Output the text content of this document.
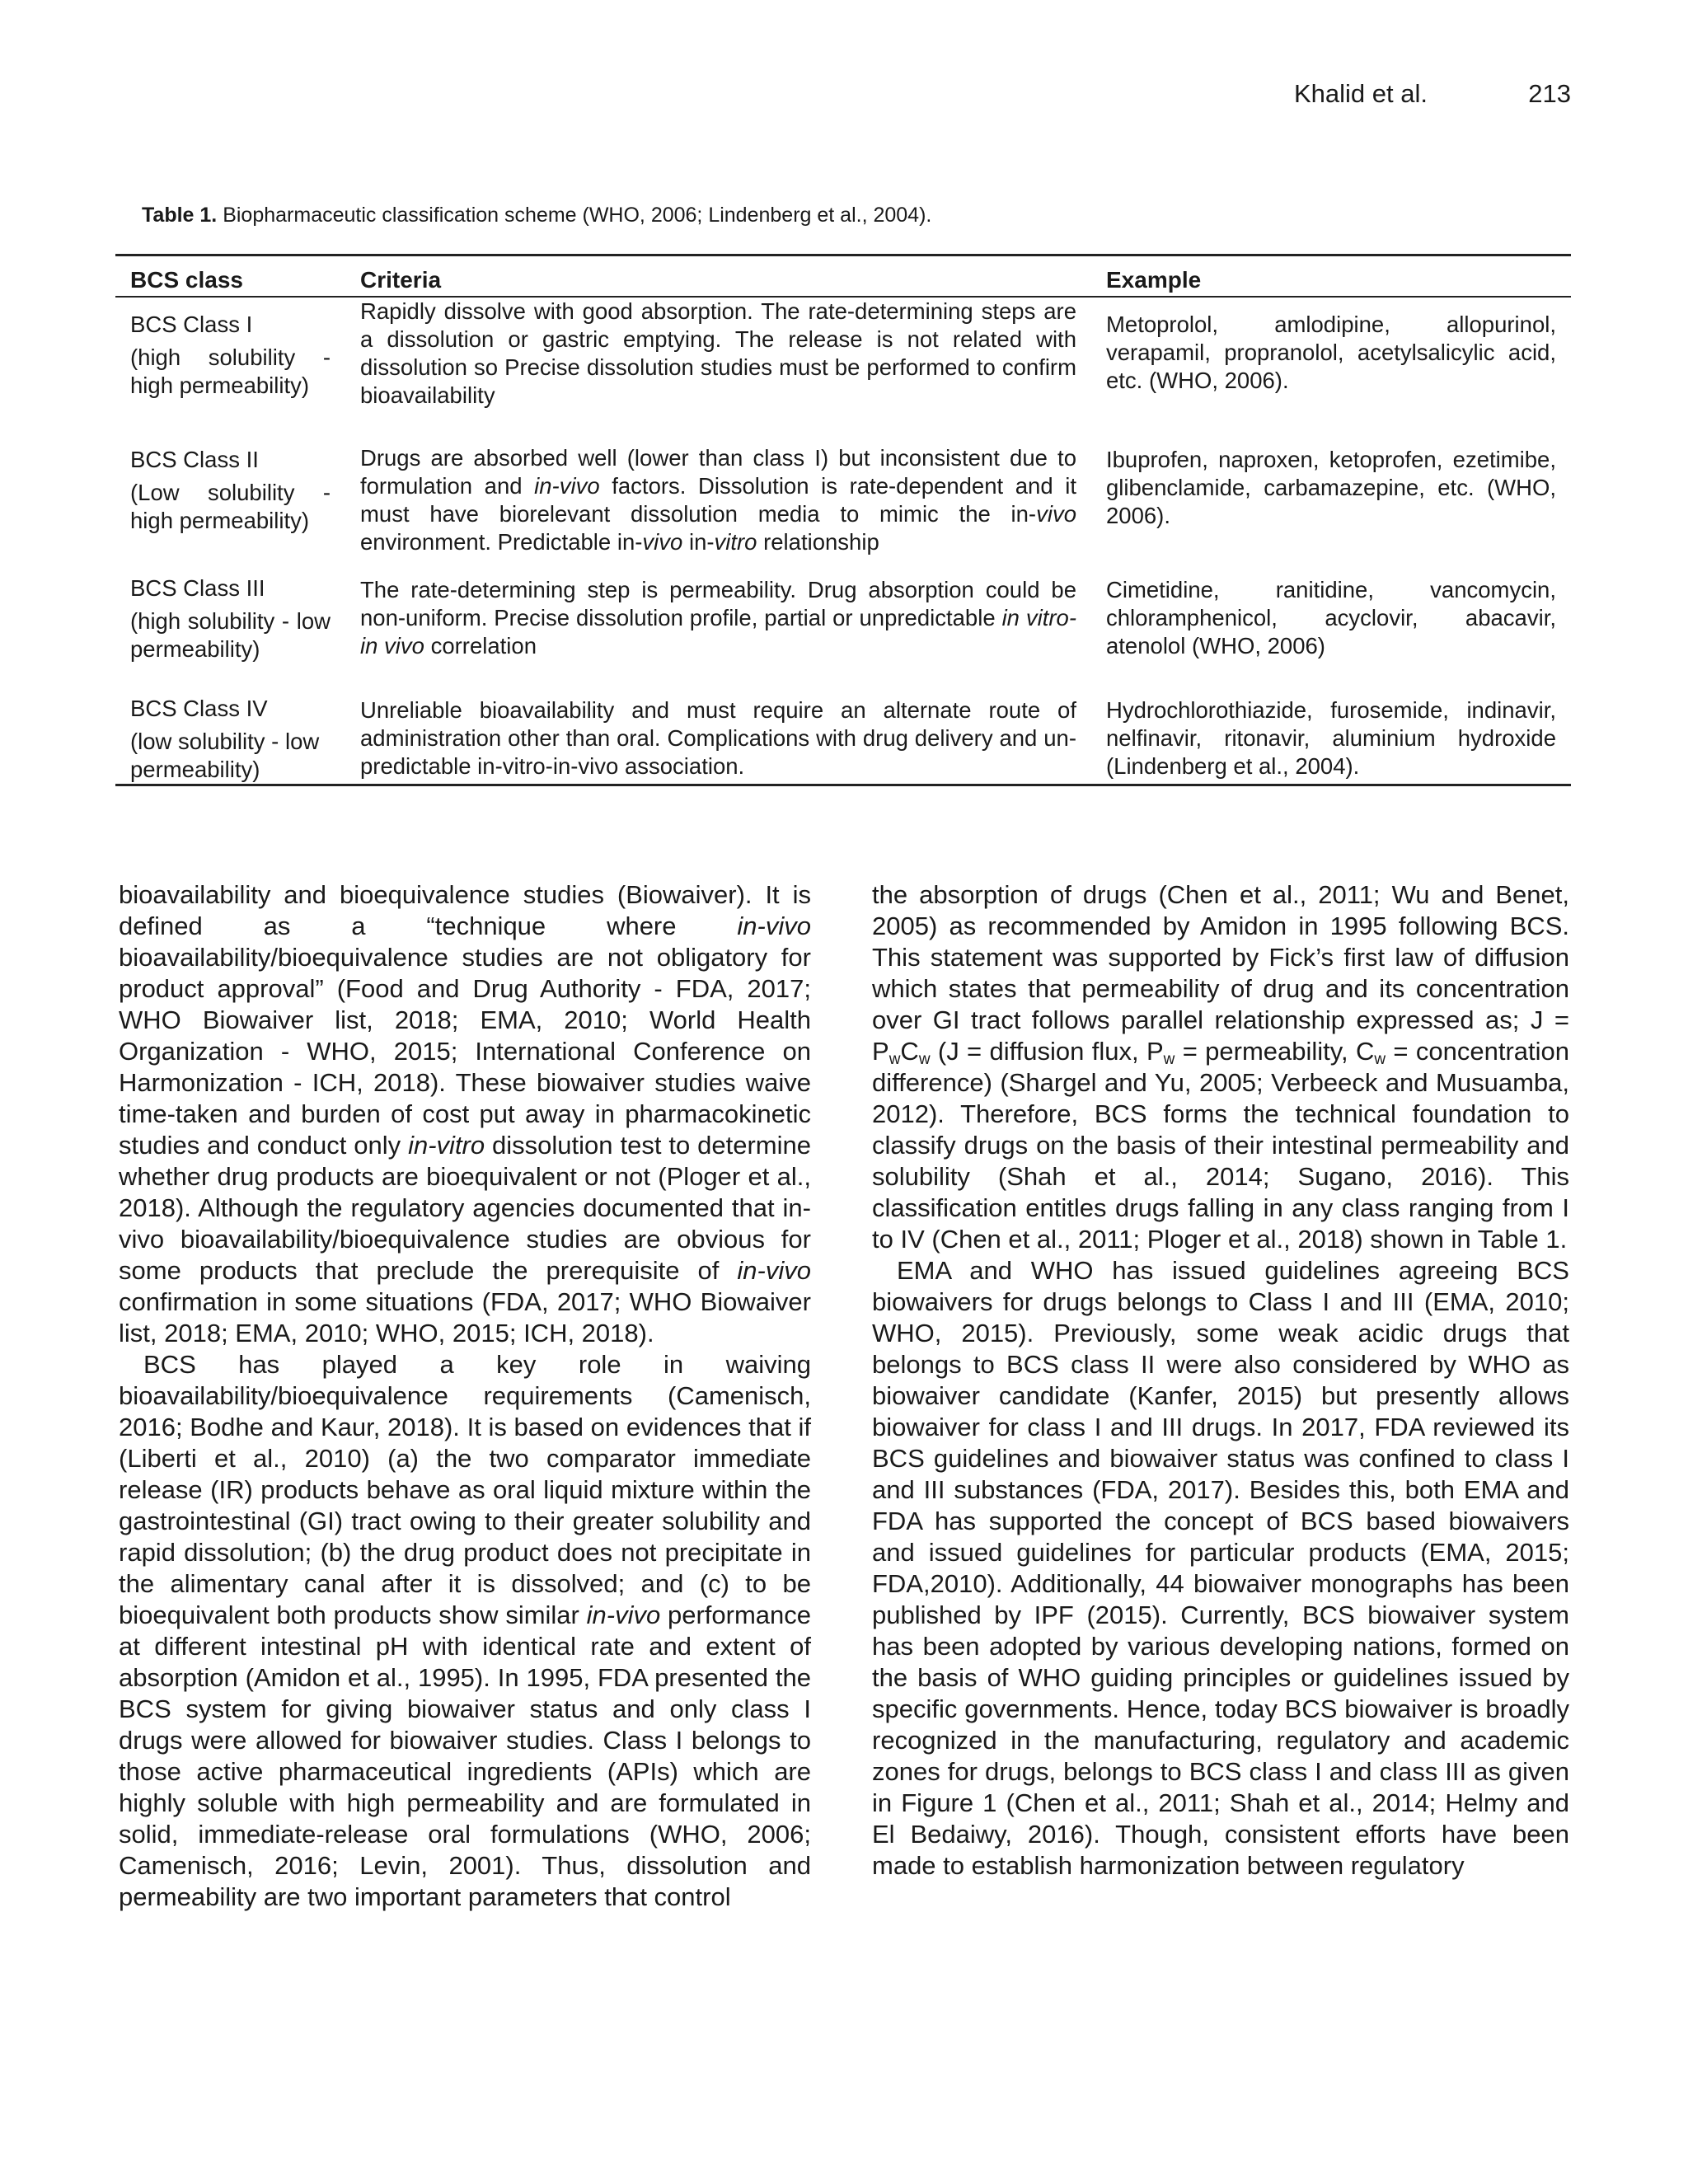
Khalid et al.	213
Table 1. Biopharmaceutic classification scheme (WHO, 2006; Lindenberg et al., 2004).
BCS class	Criteria	Example

BCS Class I
(high solubility - high permeability)	Rapidly dissolve with good absorption. The rate-determining steps are a dissolution or gastric emptying. The release is not related with dissolution so Precise dissolution studies must be performed to confirm bioavailability	Metoprolol, amlodipine, allopurinol, verapamil, propranolol, acetylsalicylic acid, etc. (WHO, 2006).

BCS Class II
(Low solubility - high permeability)	Drugs are absorbed well (lower than class I) but inconsistent due to formulation and in-vivo factors. Dissolution is rate-dependent and it must have biorelevant dissolution media to mimic the in-vivo environment. Predictable in-vivo in-vitro relationship	Ibuprofen, naproxen, ketoprofen, ezetimibe, glibenclamide, carbamazepine, etc. (WHO, 2006).

BCS Class III
(high solubility - low permeability)	The rate-determining step is permeability. Drug absorption could be non-uniform. Precise dissolution profile, partial or unpredictable in vitro-in vivo correlation	Cimetidine, ranitidine, vancomycin, chloramphenicol, acyclovir, abacavir, atenolol (WHO, 2006)

BCS Class IV
(low solubility - low permeability)	Unreliable bioavailability and must require an alternate route of administration other than oral. Complications with drug delivery and un-predictable in-vitro-in-vivo association.	Hydrochlorothiazide, furosemide, indinavir, nelfinavir, ritonavir, aluminium hydroxide (Lindenberg et al., 2004).

bioavailability and bioequivalence studies (Biowaiver). It is defined as a “technique where in-vivo bioavailability/bioequivalence studies are not obligatory for product approval” (Food and Drug Authority - FDA, 2017; WHO Biowaiver list, 2018; EMA, 2010; World Health Organization - WHO, 2015; International Conference on Harmonization - ICH, 2018). These biowaiver studies waive time-taken and burden of cost put away in pharmacokinetic studies and conduct only in-vitro dissolution test to determine whether drug products are bioequivalent or not (Ploger et al., 2018). Although the regulatory agencies documented that in-vivo bioavailability/bioequivalence studies are obvious for some products that preclude the prerequisite of in-vivo confirmation in some situations (FDA, 2017; WHO Biowaiver list, 2018; EMA, 2010; WHO, 2015; ICH, 2018).

BCS has played a key role in waiving bioavailability/bioequivalence requirements (Camenisch, 2016; Bodhe and Kaur, 2018). It is based on evidences that if (Liberti et al., 2010) (a) the two comparator immediate release (IR) products behave as oral liquid mixture within the gastrointestinal (GI) tract owing to their greater solubility and rapid dissolution; (b) the drug product does not precipitate in the alimentary canal after it is dissolved; and (c) to be bioequivalent both products show similar in-vivo performance at different intestinal pH with identical rate and extent of absorption (Amidon et al., 1995). In 1995, FDA presented the BCS system for giving biowaiver status and only class I drugs were allowed for biowaiver studies. Class I belongs to those active pharmaceutical ingredients (APIs) which are highly soluble with high permeability and are formulated in solid, immediate-release oral formulations (WHO, 2006; Camenisch, 2016; Levin, 2001). Thus, dissolution and permeability are two important parameters that control

the absorption of drugs (Chen et al., 2011; Wu and Benet, 2005) as recommended by Amidon in 1995 following BCS. This statement was supported by Fick’s first law of diffusion which states that permeability of drug and its concentration over GI tract follows parallel relationship expressed as; $J = P_wC_w$ (J = diffusion flux, $P_w$ = permeability, $C_w$ = concentration difference) (Shargel and Yu, 2005; Verbeeck and Musuamba, 2012). Therefore, BCS forms the technical foundation to classify drugs on the basis of their intestinal permeability and solubility (Shah et al., 2014; Sugano, 2016). This classification entitles drugs falling in any class ranging from I to IV (Chen et al., 2011; Ploger et al., 2018) shown in Table 1.

EMA and WHO has issued guidelines agreeing BCS biowaivers for drugs belongs to Class I and III (EMA, 2010; WHO, 2015). Previously, some weak acidic drugs that belongs to BCS class II were also considered by WHO as biowaiver candidate (Kanfer, 2015) but presently allows biowaiver for class I and III drugs. In 2017, FDA reviewed its BCS guidelines and biowaiver status was confined to class I and III substances (FDA, 2017). Besides this, both EMA and FDA has supported the concept of BCS based biowaivers and issued guidelines for particular products (EMA, 2015; FDA,2010). Additionally, 44 biowaiver monographs has been published by IPF (2015). Currently, BCS biowaiver system has been adopted by various developing nations, formed on the basis of WHO guiding principles or guidelines issued by specific governments. Hence, today BCS biowaiver is broadly recognized in the manufacturing, regulatory and academic zones for drugs, belongs to BCS class I and class III as given in Figure 1 (Chen et al., 2011; Shah et al., 2014; Helmy and El Bedaiwy, 2016). Though, consistent efforts have been made to establish harmonization between regulatory
